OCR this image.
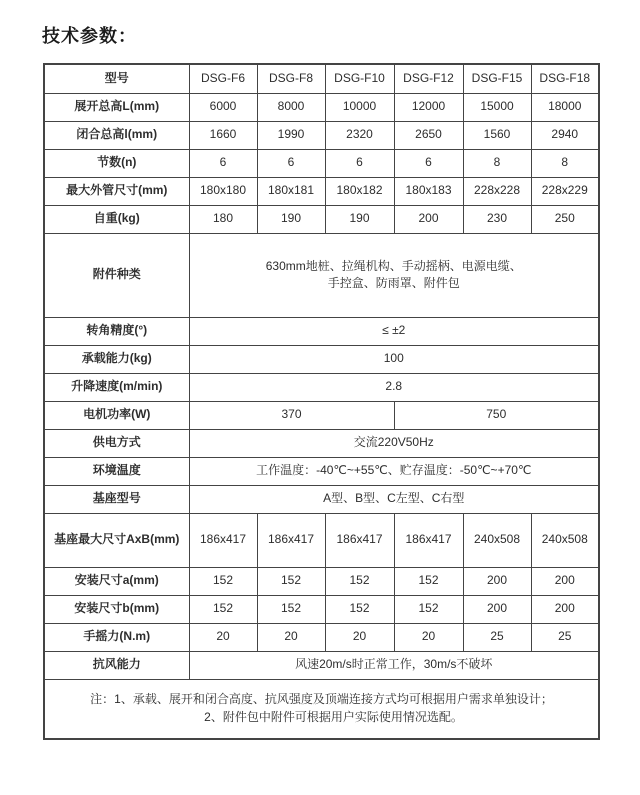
技术参数：
型号	DSG-F6	DSG-F8	DSG-F10	DSG-F12	DSG-F15	DSG-F18
展开总高L(mm)	6000	8000	10000	12000	15000	18000
闭合总高l(mm)	1660	1990	2320	2650	1560	2940
节数(n)	6	6	6	6	8	8
最大外管尺寸(mm)	180x180	180x181	180x182	180x183	228x228	228x229
自重(kg)	180	190	190	200	230	250
附件种类	630mm地桩、拉绳机构、手动摇柄、电源电缆、
手控盒、防雨罩、附件包					
转角精度(°)	≤ ±2					
承载能力(kg)	100					
升降速度(m/min)	2.8					
电机功率(W)	370			750		
供电方式	交流220V50Hz					
环境温度	工作温度：-40℃~+55℃、贮存温度：-50℃~+70℃					
基座型号	A型、B型、C左型、C右型					
基座最大尺寸AxB(mm)	186x417	186x417	186x417	186x417	240x508	240x508
安装尺寸a(mm)	152	152	152	152	200	200
安装尺寸b(mm)	152	152	152	152	200	200
手摇力(N.m)	20	20	20	20	25	25
抗风能力	风速20m/s时正常工作，30m/s不破坏					

注：1、承载、展开和闭合高度、抗风强度及顶端连接方式均可根据用户需求单独设计；
2、附件包中附件可根据用户实际使用情况选配。						
